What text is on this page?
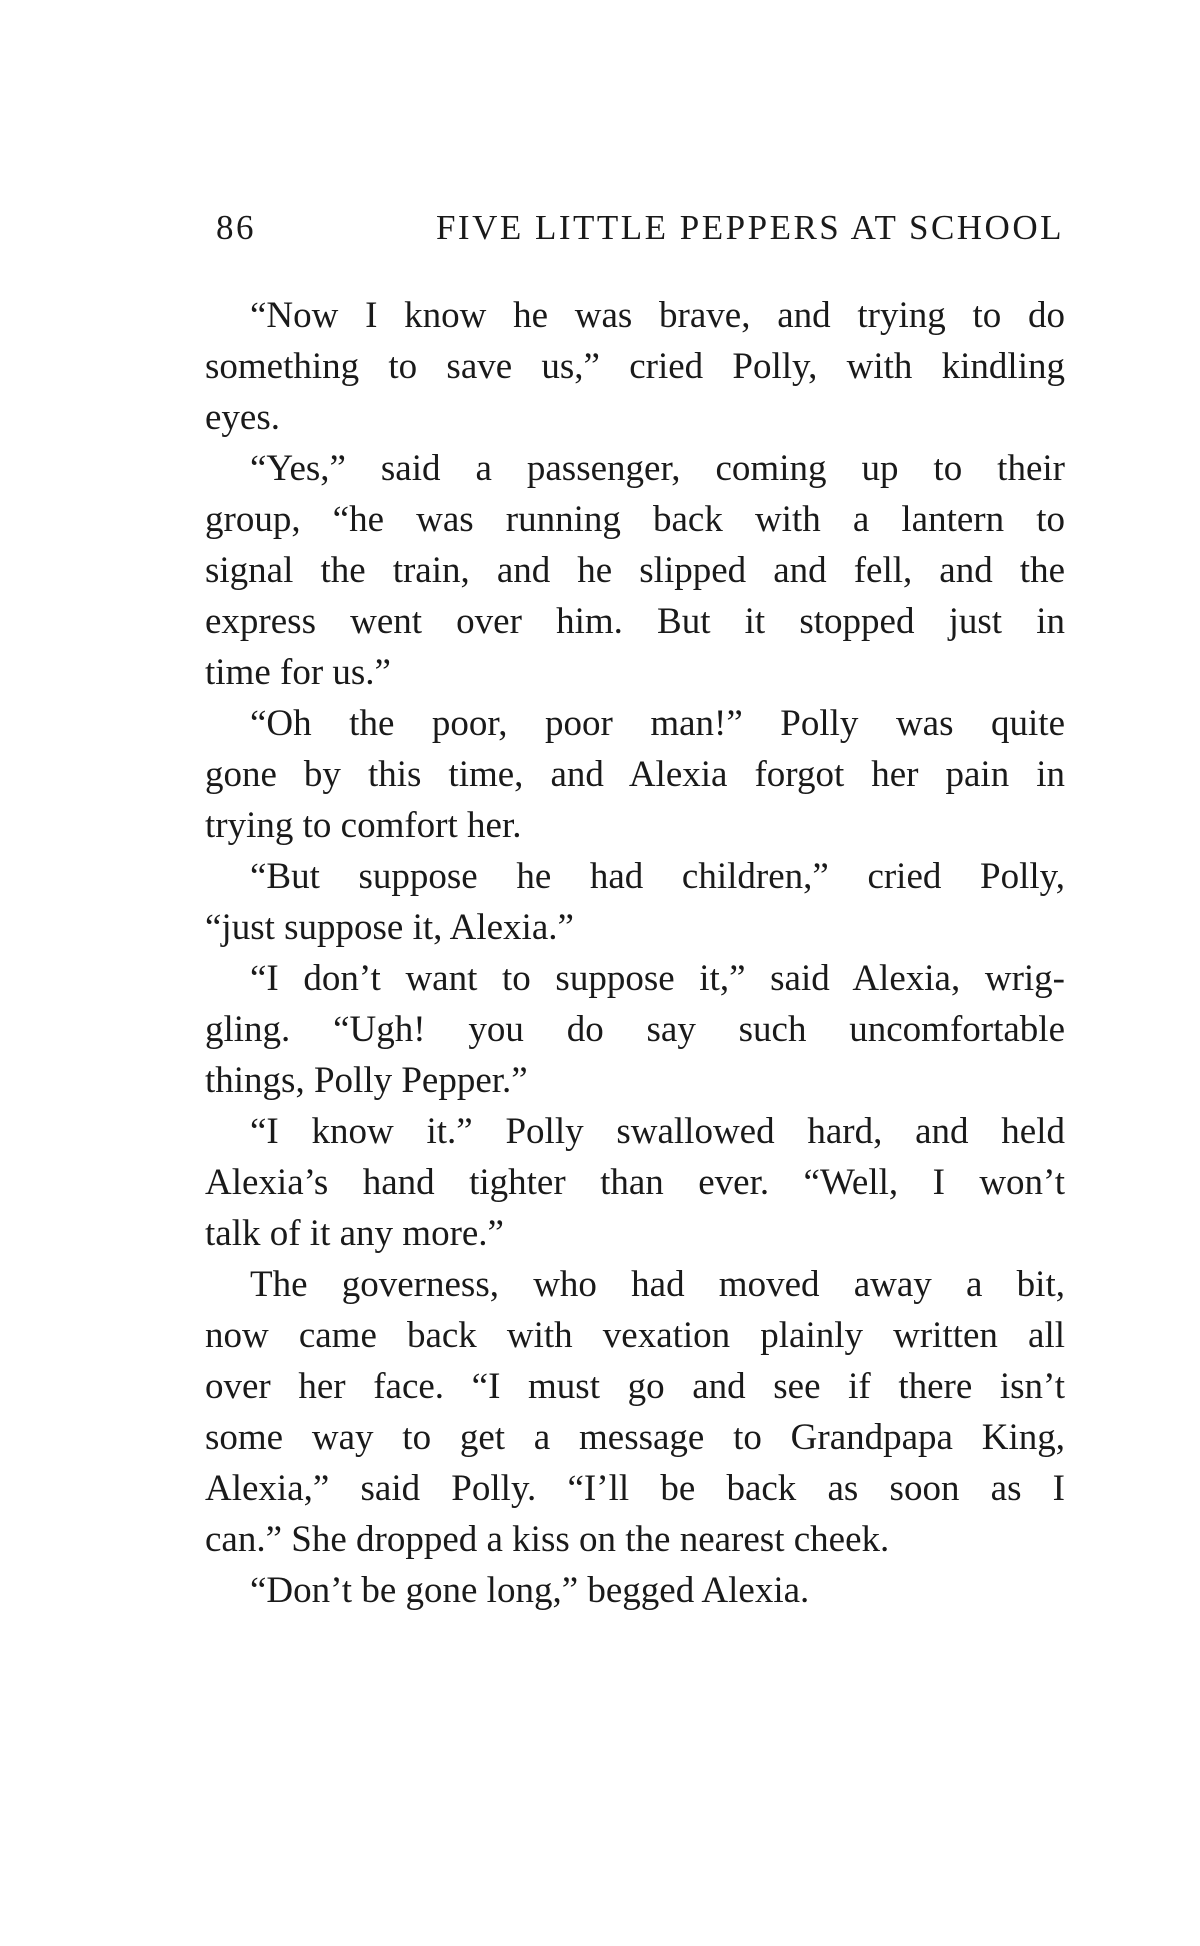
86	FIVE LITTLE PEPPERS AT SCHOOL
“Now I know he was brave, and trying to do
something to save us,” cried Polly, with kindling
eyes.
“Yes,” said a passenger, coming up to their
group, “he was running back with a lantern to
signal the train, and he slipped and fell, and the
express went over him. But it stopped just in
time for us.”
“Oh the poor, poor man!” Polly was quite
gone by this time, and Alexia forgot her pain in
trying to comfort her.
“But suppose he had children,” cried Polly,
“just suppose it, Alexia.”
“I don’t want to suppose it,” said Alexia, wrig-
gling. “Ugh! you do say such uncomfortable
things, Polly Pepper.”
“I know it.” Polly swallowed hard, and held
Alexia’s hand tighter than ever. “Well, I won’t
talk of it any more.”
The governess, who had moved away a bit,
now came back with vexation plainly written all
over her face. “I must go and see if there isn’t
some way to get a message to Grandpapa King,
Alexia,” said Polly. “I’ll be back as soon as I
can.” She dropped a kiss on the nearest cheek.
“Don’t be gone long,” begged Alexia.
